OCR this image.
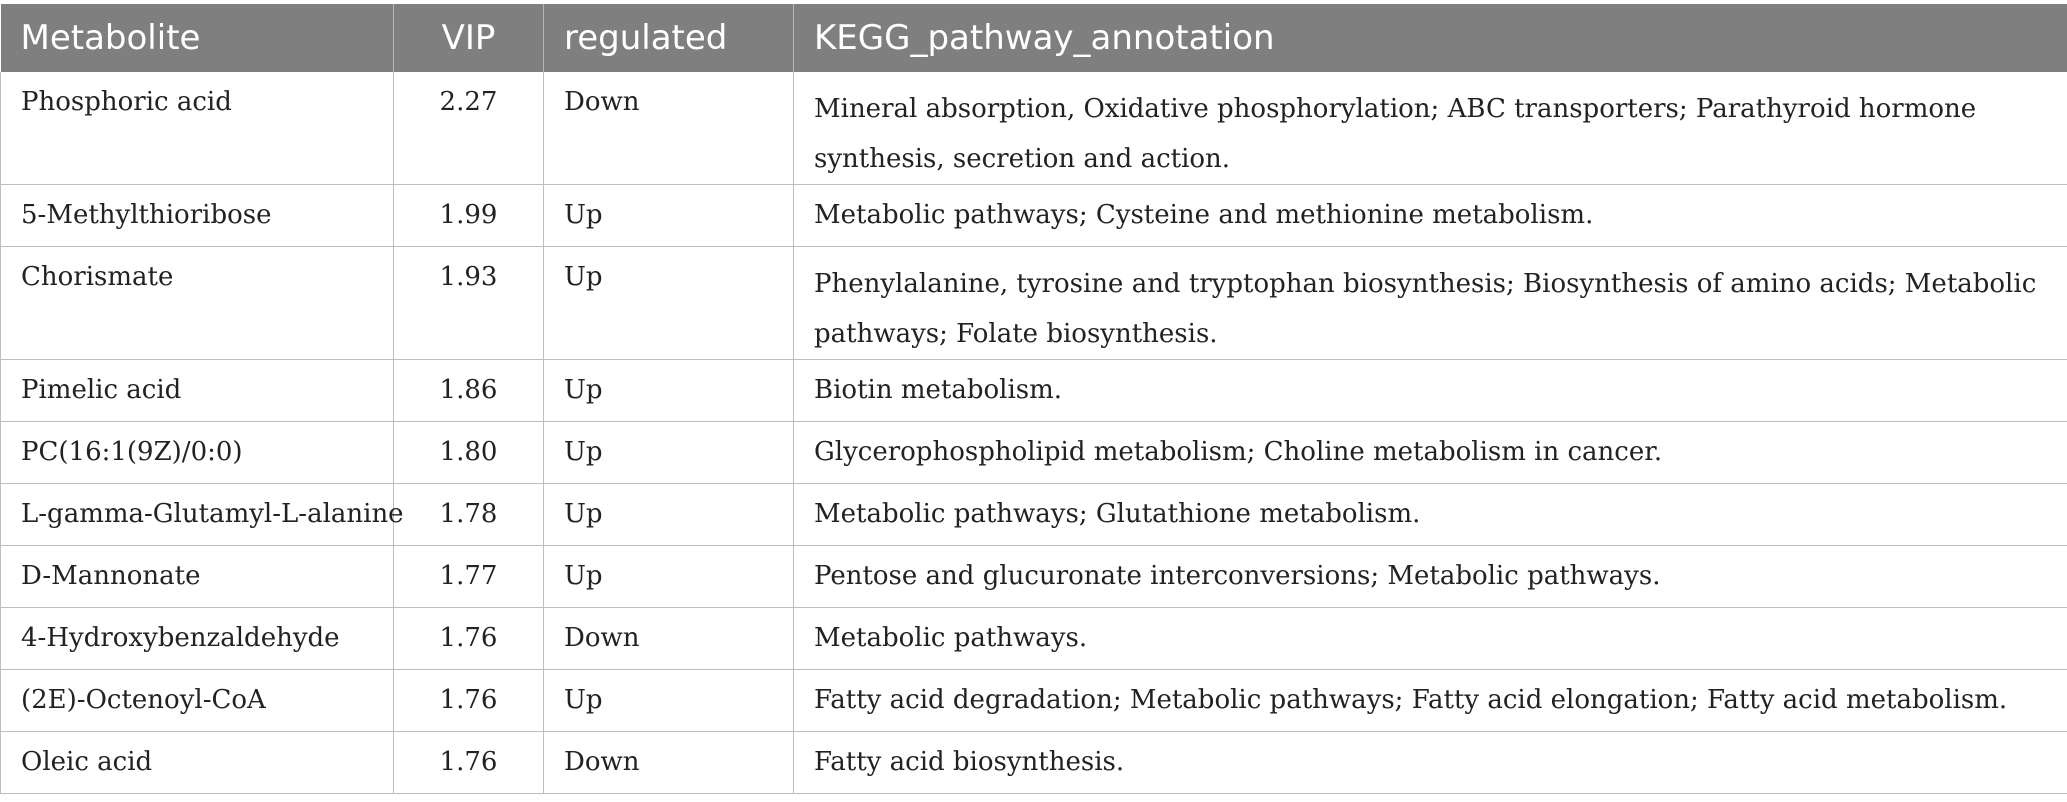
Metabolite	VIP	regulated	KEGG_pathway_annotation
Phosphoric acid	2.27	Down	Mineral absorption, Oxidative phosphorylation; ABC transporters; Parathyroid hormone synthesis, secretion and action.
5-Methylthioribose	1.99	Up	Metabolic pathways; Cysteine and methionine metabolism.
Chorismate	1.93	Up	Phenylalanine, tyrosine and tryptophan biosynthesis; Biosynthesis of amino acids; Metabolic pathways; Folate biosynthesis.
Pimelic acid	1.86	Up	Biotin metabolism.
PC(16:1(9Z)/0:0)	1.80	Up	Glycerophospholipid metabolism; Choline metabolism in cancer.
L-gamma-Glutamyl-L-alanine	1.78	Up	Metabolic pathways; Glutathione metabolism.
D-Mannonate	1.77	Up	Pentose and glucuronate interconversions; Metabolic pathways.
4-Hydroxybenzaldehyde	1.76	Down	Metabolic pathways.
(2E)-Octenoyl-CoA	1.76	Up	Fatty acid degradation; Metabolic pathways; Fatty acid elongation; Fatty acid metabolism.
Oleic acid	1.76	Down	Fatty acid biosynthesis.
